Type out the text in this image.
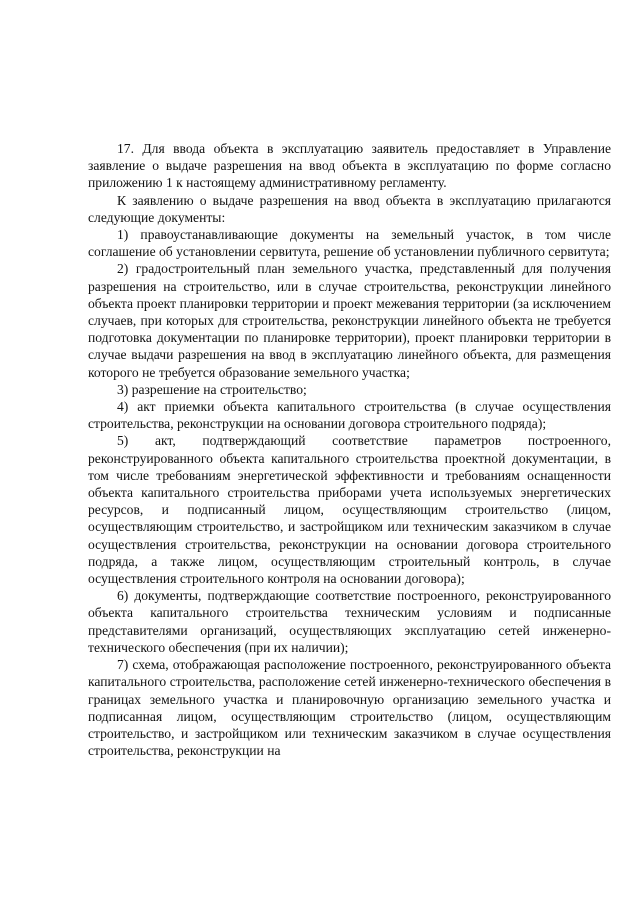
17. Для ввода объекта в эксплуатацию заявитель предоставляет в Управление заявление о выдаче разрешения на ввод объекта в эксплуатацию по форме согласно приложению 1 к настоящему административному регламенту.

К заявлению о выдаче разрешения на ввод объекта в эксплуатацию прилагаются следующие документы:

1) правоустанавливающие документы на земельный участок, в том числе соглашение об установлении сервитута, решение об установлении публичного сервитута;

2) градостроительный план земельного участка, представленный для получения разрешения на строительство, или в случае строительства, реконструкции линейного объекта проект планировки территории и проект межевания территории (за исключением случаев, при которых для строительства, реконструкции линейного объекта не требуется подготовка документации по планировке территории), проект планировки территории в случае выдачи разрешения на ввод в эксплуатацию линейного объекта, для размещения которого не требуется образование земельного участка;

3) разрешение на строительство;

4) акт приемки объекта капитального строительства (в случае осуществления строительства, реконструкции на основании договора строительного подряда);

5) акт, подтверждающий соответствие параметров построенного, реконструированного объекта капитального строительства проектной документации, в том числе требованиям энергетической эффективности и требованиям оснащенности объекта капитального строительства приборами учета используемых энергетических ресурсов, и подписанный лицом, осуществляющим строительство (лицом, осуществляющим строительство, и застройщиком или техническим заказчиком в случае осуществления строительства, реконструкции на основании договора строительного подряда, а также лицом, осуществляющим строительный контроль, в случае осуществления строительного контроля на основании договора);

6) документы, подтверждающие соответствие построенного, реконструированного объекта капитального строительства техническим условиям и подписанные представителями организаций, осуществляющих эксплуатацию сетей инженерно-технического обеспечения (при их наличии);

7) схема, отображающая расположение построенного, реконструированного объекта капитального строительства, расположение сетей инженерно-технического обеспечения в границах земельного участка и планировочную организацию земельного участка и подписанная лицом, осуществляющим строительство (лицом, осуществляющим строительство, и застройщиком или техническим заказчиком в случае осуществления строительства, реконструкции на
